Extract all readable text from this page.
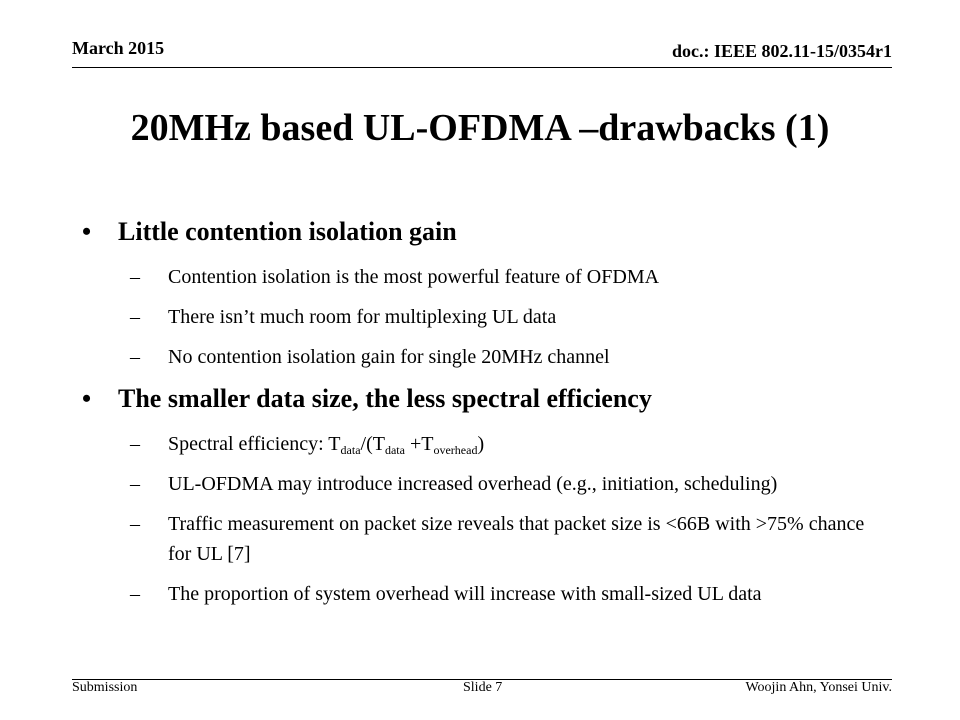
March 2015	doc.: IEEE 802.11-15/0354r1
20MHz based UL-OFDMA –drawbacks (1)
• Little contention isolation gain
– Contention isolation is the most powerful feature of OFDMA
– There isn’t much room for multiplexing UL data
– No contention isolation gain for single 20MHz channel
• The smaller data size, the less spectral efficiency
– Spectral efficiency: $T_{data}/(T_{data} +T_{overhead})$
– UL-OFDMA may introduce increased overhead (e.g., initiation, scheduling)
– Traffic measurement on packet size reveals that packet size is <66B with >75% chance for UL [7]
– The proportion of system overhead will increase with small-sized UL data
Submission	Slide 7	Woojin Ahn, Yonsei Univ.
